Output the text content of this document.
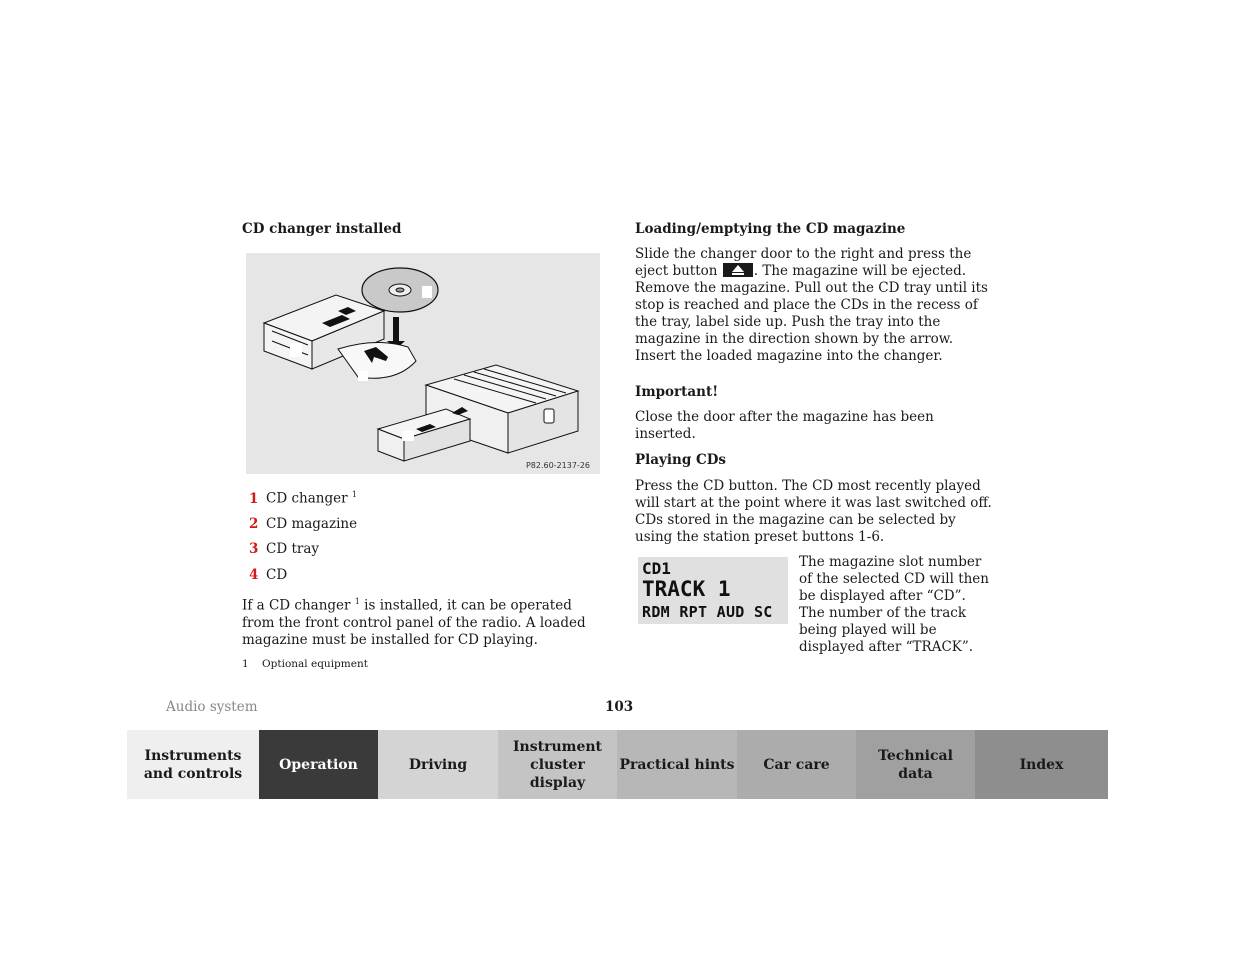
CD changer installed
P82.60-2137-26
1 CD changer $^1$
2 CD magazine
3 CD tray
4 CD
If a CD changer $^1$ is installed, it can be operated from the front control panel of the radio. A loaded magazine must be installed for CD playing.
1 Optional equipment
Loading/emptying the CD magazine
Slide the changer door to the right and press the eject button	. The magazine will be ejected. Remove the magazine. Pull out the CD tray until its stop is reached and place the CDs in the recess of the tray, label side up. Push the tray into the magazine in the direction shown by the arrow. Insert the loaded magazine into the changer.
Important!
Close the door after the magazine has been inserted.
Playing CDs
Press the CD button. The CD most recently played will start at the point where it was last switched off. CDs stored in the magazine can be selected by using the station preset buttons 1-6.
CD1
TRACK 1
RDM RPT AUD SC
The magazine slot number of the selected CD will then be displayed after “CD”. The number of the track being played will be displayed after “TRACK”.
Audio system	103
Instruments and controls
Operation	Driving
Instrument cluster display
Practical hints Car care
Technical data
Index
